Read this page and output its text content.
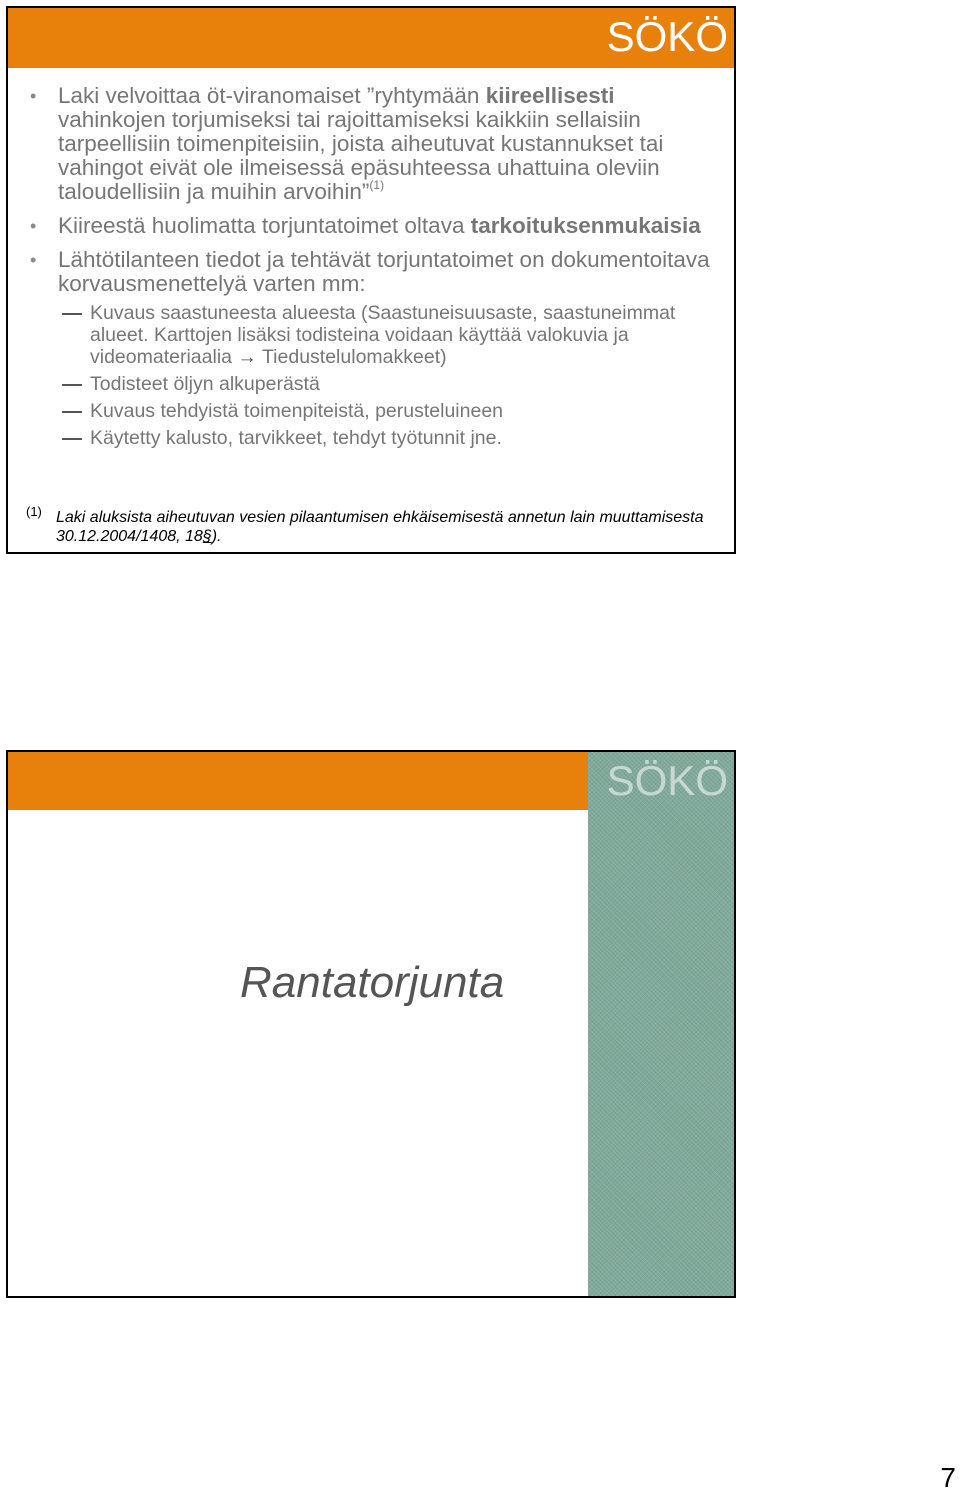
SÖKÖ
• Laki velvoittaa öt-viranomaiset ”ryhtymään kiireellisesti vahinkojen torjumiseksi tai rajoittamiseksi kaikkiin sellaisiin tarpeellisiin toimenpiteisiin, joista aiheutuvat kustannukset tai vahingot eivät ole ilmeisessä epäsuhteessa uhattuina oleviin taloudellisiin ja muihin arvoihin”$^{(1)}$
• Kiireestä huolimatta torjuntatoimet oltava tarkoituksenmukaisia
• Lähtötilanteen tiedot ja tehtävät torjuntatoimet on dokumentoitava korvausmenettelyä varten mm:
Kuvaus saastuneesta alueesta (Saastuneisuusaste, saastuneimmat alueet. Karttojen lisäksi todisteina voidaan käyttää valokuvia ja videomateriaalia → Tiedustelulomakkeet)
Todisteet öljyn alkuperästä
Kuvaus tehdyistä toimenpiteistä, perusteluineen
Käytetty kalusto, tarvikkeet, tehdyt työtunnit jne.
(1) Laki aluksista aiheutuvan vesien pilaantumisen ehkäisemisestä annetun lain muuttamisesta 30.12.2004/1408, 18§).
SÖKÖ
Rantatorjunta
7
